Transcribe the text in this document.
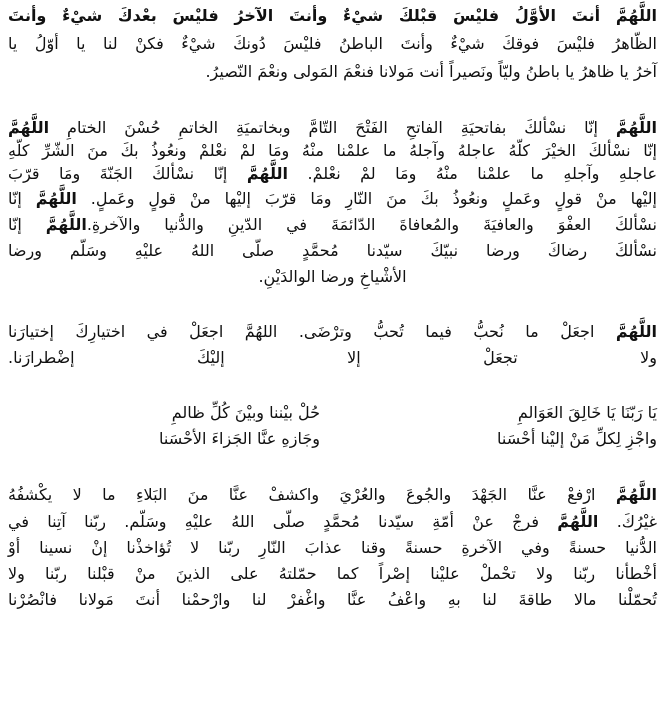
اللَّهُمَّ أنتَ الأوَّلُ فليْسَ قبْلكَ شيْءٌ وأنتَ الآخرُ فليْسَ بعْدكَ شيْءٌ وأنتَ
الظّاهرُ فليْسَ فوقكَ شيْءٌ وأنتَ الباطنُ فليْسَ دُونكَ شيْءٌ فكنْ لنا يا أوّلُ يا
آخرُ يا ظاهرُ يا باطنُ وليّاً ونَصيراً أنت مَولانا فنعْمَ المَولى ونعْمَ النّصيرُ.
اللَّهُمَّ إنّا نسْألكَ بفاتحيَةِ الفاتحِ الفَتْحَ التّامَّ وبخاتميَةِ الخاتمِ حُسْنَ الختامِ اللَّهُمَّ
إنّا نسْألكَ الخيْرَ كلّهُ عاجلهُ وآجلهُ ما علمْنا منْهُ ومَا لمْ نعْلمْ ونعُوذُ بكَ منَ الشّرِّ كلّهِ
عاجلهِ وآجلهِ ما علمْنا منْهُ ومَا لمْ نعْلمْ. اللَّهُمَّ إنّا نسْألكَ الجَنّةَ ومَا قرّبَ
إليْها منْ قولٍ وعَملٍ ونعُوذُ بكَ منَ النّارِ ومَا قرّبَ إليْها منْ قولٍ وعَملٍ. اللَّهُمَّ إنّا
نسْألكَ العفْوَ والعافيَةَ والمُعافاةَ الدّائمَةَ في الدّينِ والدُّنيا والآخرةِ.اللَّهُمَّ إنّا
نسْألكَ رضاكَ ورضا نبيّكَ سيّدنا مُحمَّدٍ صلّى اللهُ عليْهِ وسَلّم ورضا
الأشْياخِ ورضا الوالدَيْنِ.
اللَّهُمَّ اجعَلْ ما نُحبُّ فيما تُحبُّ وترْضَى. اللهُمَّ اجعَلْ في اختيارِكَ إختيارَنا
ولا
تجعَلْ
إلا
إليْكَ
إضْطرارَنا.
يَا رَبّنَا يَا خَالِقَ العَوَالمِ
حُلْ بيْننا وبيْنَ كُلِّ ظالمِ
واجْزِ لِكلِّ مَنْ إليْنا أحْسَنا
وجَازهِ عنَّا الجَزاءَ الأحْسَنا
اللَّهُمَّ ارْفعْ عنَّا الجَهْدَ والجُوعَ والعُرْيَ واكشفْ عنَّا منَ البَلاءِ ما لا يكْشفُهُ
غيْرُكَ. اللَّهُمَّ فرجْ عنْ أمّةِ سيّدنا مُحمَّدٍ صلّى اللهُ عليْهِ وسَلّم. ربّنا آتِنا في
الدُّنيا حسنةً وفي الآخرةِ حسنةً وقنا عذابَ النّارِ ربّنا لا تُؤاخذْنا إنْ نسينا أوْ
أخْطأنا ربّنا ولا تحْملْ عليْنا إصْراً كما حمّلتهُ على الذينَ منْ قبْلنا ربّنا ولا
تُحمّلْنا مالا طاقةَ لنا بهِ واعْفُ عنَّا واغْفرْ لنا وارْحمْنا أنتَ مَولانا فانْصُرْنا
